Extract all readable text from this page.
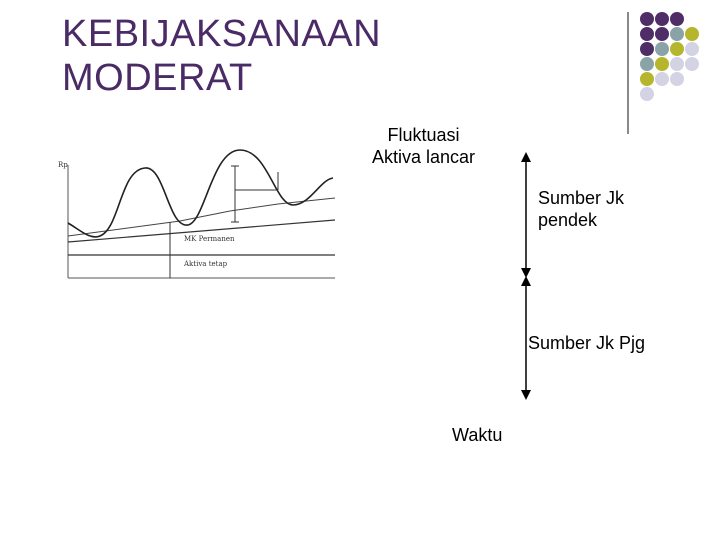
KEBIJAKSANAAN
MODERAT
Rp
MK Permanen
Aktiva tetap
Fluktuasi
Aktiva lancar
Sumber Jk
pendek
Sumber Jk Pjg
Waktu
